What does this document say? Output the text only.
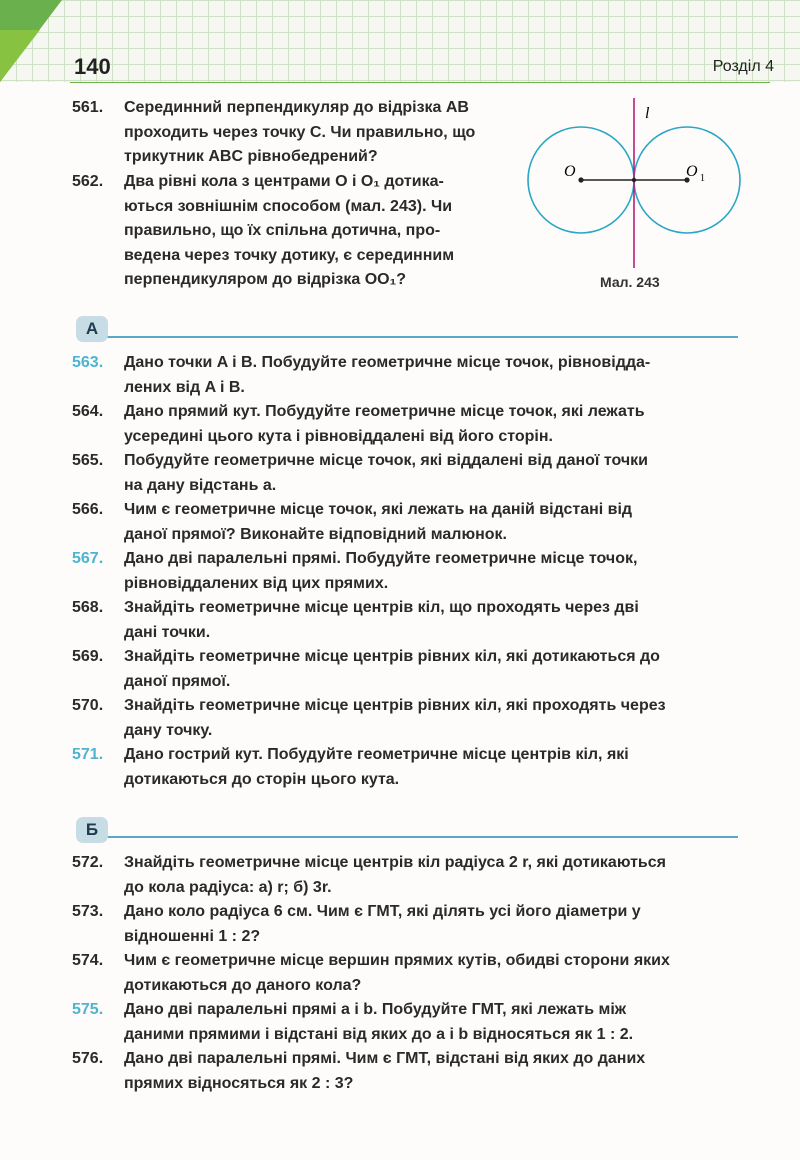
140	Розділ 4
l
O	O 1
Мал. 243
561.	Серединний перпендикуляр до відрізка AB
проходить через точку C. Чи правильно, що
трикутник ABC рівнобедрений?
562.	Два рівні кола з центрами O і O₁ дотика-
ються зовнішнім способом (мал. 243). Чи
правильно, що їх спільна дотична, про-
ведена через точку дотику, є серединним
перпендикуляром до відрізка OO₁?
А
563.	Дано точки A і B. Побудуйте геометричне місце точок, рівновідда-
лених від A і B.
564.	Дано прямий кут. Побудуйте геометричне місце точок, які лежать
усередині цього кута і рівновіддалені від його сторін.
565.	Побудуйте геометричне місце точок, які віддалені від даної точки
на дану відстань a.
566.	Чим є геометричне місце точок, які лежать на даній відстані від
даної прямої? Виконайте відповідний малюнок.
567.	Дано дві паралельні прямі. Побудуйте геометричне місце точок,
рівновіддалених від цих прямих.
568.	Знайдіть геометричне місце центрів кіл, що проходять через дві
дані точки.
569.	Знайдіть геометричне місце центрів рівних кіл, які дотикаються до
даної прямої.
570.	Знайдіть геометричне місце центрів рівних кіл, які проходять через
дану точку.
571.	Дано гострий кут. Побудуйте геометричне місце центрів кіл, які
дотикаються до сторін цього кута.
Б
572.	Знайдіть геометричне місце центрів кіл радіуса 2 r, які дотикаються
до кола радіуса: а) r; б) 3r.
573.	Дано коло радіуса 6 см. Чим є ГМТ, які ділять усі його діаметри у
відношенні 1 : 2?
574.	Чим є геометричне місце вершин прямих кутів, обидві сторони яких
дотикаються до даного кола?
575.	Дано дві паралельні прямі a і b. Побудуйте ГМТ, які лежать між
даними прямими і відстані від яких до a і b відносяться як 1 : 2.
576.	Дано дві паралельні прямі. Чим є ГМТ, відстані від яких до даних
прямих відносяться як 2 : 3?
